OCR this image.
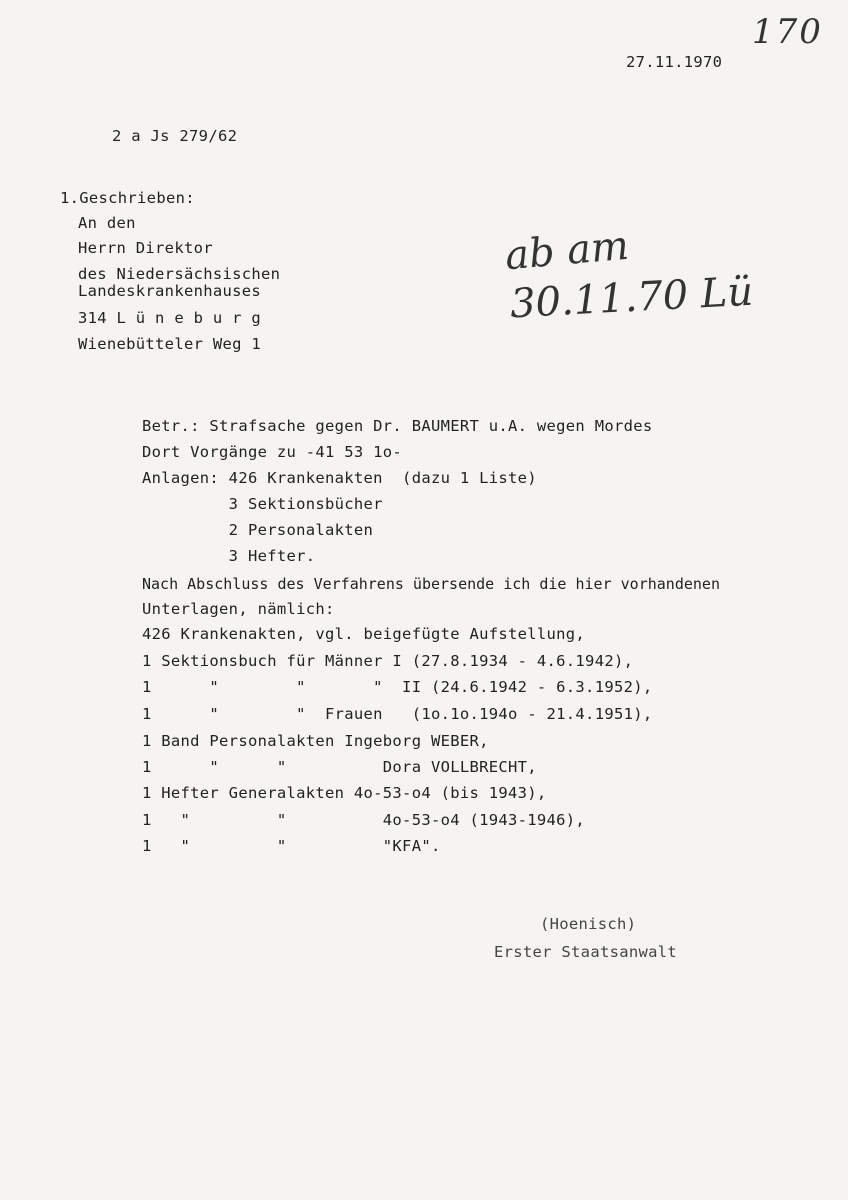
170
27.11.1970
2 a Js 279/62
1.Geschrieben:
An den
Herrn Direktor
des Niedersächsischen
Landeskrankenhauses
314 L ü n e b u r g
Wienebütteler Weg 1
ab am
30.11.70 Lü
Betr.: Strafsache gegen Dr. BAUMERT u.A. wegen Mordes
Dort Vorgänge zu -41 53 1o-
Anlagen: 426 Krankenakten  (dazu 1 Liste)
3 Sektionsbücher
2 Personalakten
3 Hefter.
Nach Abschluss des Verfahrens übersende ich die hier vorhandenen
Unterlagen, nämlich:
426 Krankenakten, vgl. beigefügte Aufstellung,
1 Sektionsbuch für Männer I (27.8.1934 - 4.6.1942),
1      "        "       "  II (24.6.1942 - 6.3.1952),
1      "        "  Frauen   (1o.1o.194o - 21.4.1951),
1 Band Personalakten Ingeborg WEBER,
1      "      "          Dora VOLLBRECHT,
1 Hefter Generalakten 4o-53-o4 (bis 1943),
1   "         "          4o-53-o4 (1943-1946),
1   "         "          "KFA".
(Hoenisch)
Erster Staatsanwalt
